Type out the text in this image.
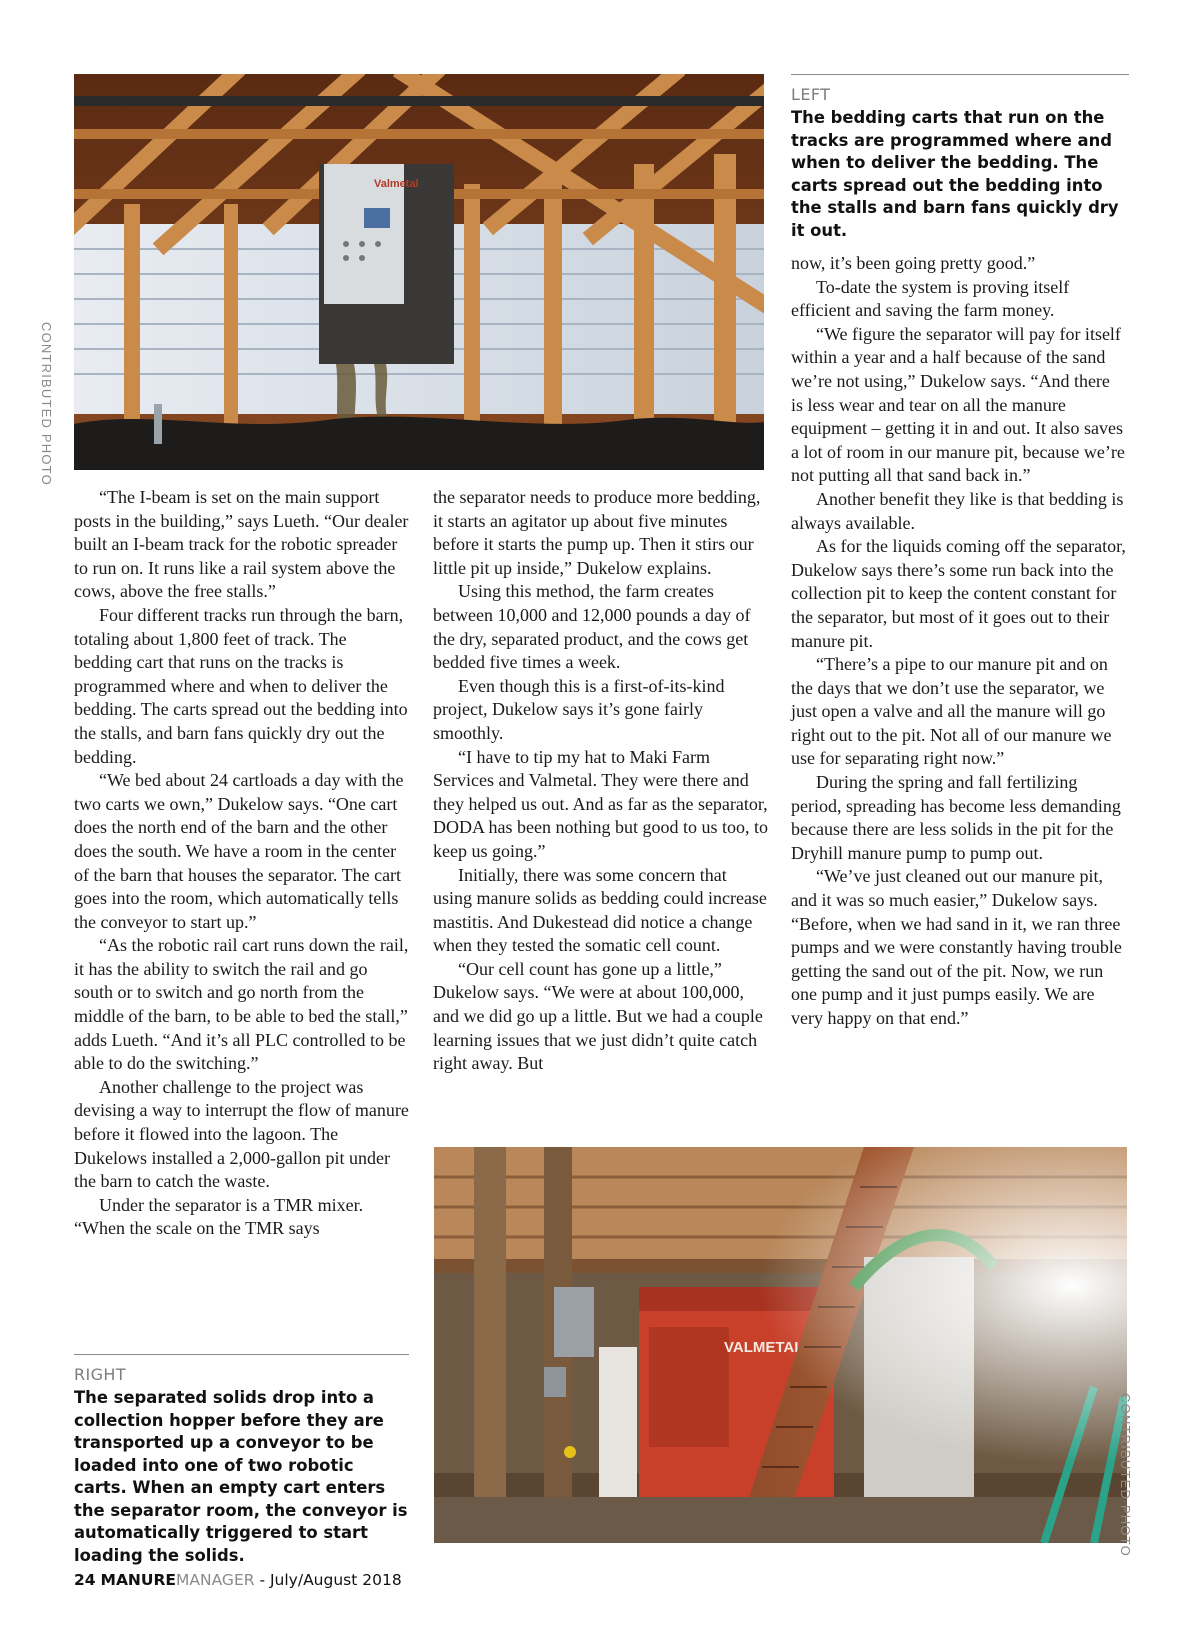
Valmetal
CONTRIBUTED PHOTO
LEFT
The bedding carts that run on the tracks are programmed where and when to deliver the bedding. The carts spread out the bedding into the stalls and barn fans quickly dry it out.

“The I-beam is set on the main support posts in the building,” says Lueth. “Our dealer built an I-beam track for the robotic spreader to run on. It runs like a rail system above the cows, above the free stalls.”

Four different tracks run through the barn, totaling about 1,800 feet of track. The bedding cart that runs on the tracks is programmed where and when to deliver the bedding. The carts spread out the bedding into the stalls, and barn fans quickly dry out the bedding.

“We bed about 24 cartloads a day with the two carts we own,” Dukelow says. “One cart does the north end of the barn and the other does the south. We have a room in the center of the barn that houses the separator. The cart goes into the room, which automatically tells the conveyor to start up.”

“As the robotic rail cart runs down the rail, it has the ability to switch the rail and go south or to switch and go north from the middle of the barn, to be able to bed the stall,” adds Lueth. “And it’s all PLC controlled to be able to do the switching.”

Another challenge to the project was devising a way to interrupt the flow of manure before it flowed into the lagoon. The Dukelows installed a 2,000-gallon pit under the barn to catch the waste.

Under the separator is a TMR mixer. “When the scale on the TMR says

the separator needs to produce more bedding, it starts an agitator up about five minutes before it starts the pump up. Then it stirs our little pit up inside,” Dukelow explains.

Using this method, the farm creates between 10,000 and 12,000 pounds a day of the dry, separated product, and the cows get bedded five times a week.

Even though this is a first-of-its-kind project, Dukelow says it’s gone fairly smoothly.

“I have to tip my hat to Maki Farm Services and Valmetal. They were there and they helped us out. And as far as the separator, DODA has been nothing but good to us too, to keep us going.”

Initially, there was some concern that using manure solids as bedding could increase mastitis. And Dukestead did notice a change when they tested the somatic cell count.

“Our cell count has gone up a little,” Dukelow says. “We were at about 100,000, and we did go up a little. But we had a couple learning issues that we just didn’t quite catch right away. But

now, it’s been going pretty good.”

To-date the system is proving itself efficient and saving the farm money.

“We figure the separator will pay for itself within a year and a half because of the sand we’re not using,” Dukelow says. “And there is less wear and tear on all the manure equipment – getting it in and out. It also saves a lot of room in our manure pit, because we’re not putting all that sand back in.”

Another benefit they like is that bedding is always available.

As for the liquids coming off the separator, Dukelow says there’s some run back into the collection pit to keep the content constant for the separator, but most of it goes out to their manure pit.

“There’s a pipe to our manure pit and on the days that we don’t use the separator, we just open a valve and all the manure will go right out to the pit. Not all of our manure we use for separating right now.”

During the spring and fall fertilizing period, spreading has become less demanding because there are less solids in the pit for the Dryhill manure pump to pump out.

“We’ve just cleaned out our manure pit, and it was so much easier,” Dukelow says. “Before, when we had sand in it, we ran three pumps and we were constantly having trouble getting the sand out of the pit. Now, we run one pump and it just pumps easily. We are very happy on that end.”

RIGHT
The separated solids drop into a collection hopper before they are transported up a conveyor to be loaded into one of two robotic carts. When an empty cart enters the separator room, the conveyor is automatically triggered to start loading the solids.	CONTRIBUTED PHOTO
24 MANUREMANAGER - July/August 2018
